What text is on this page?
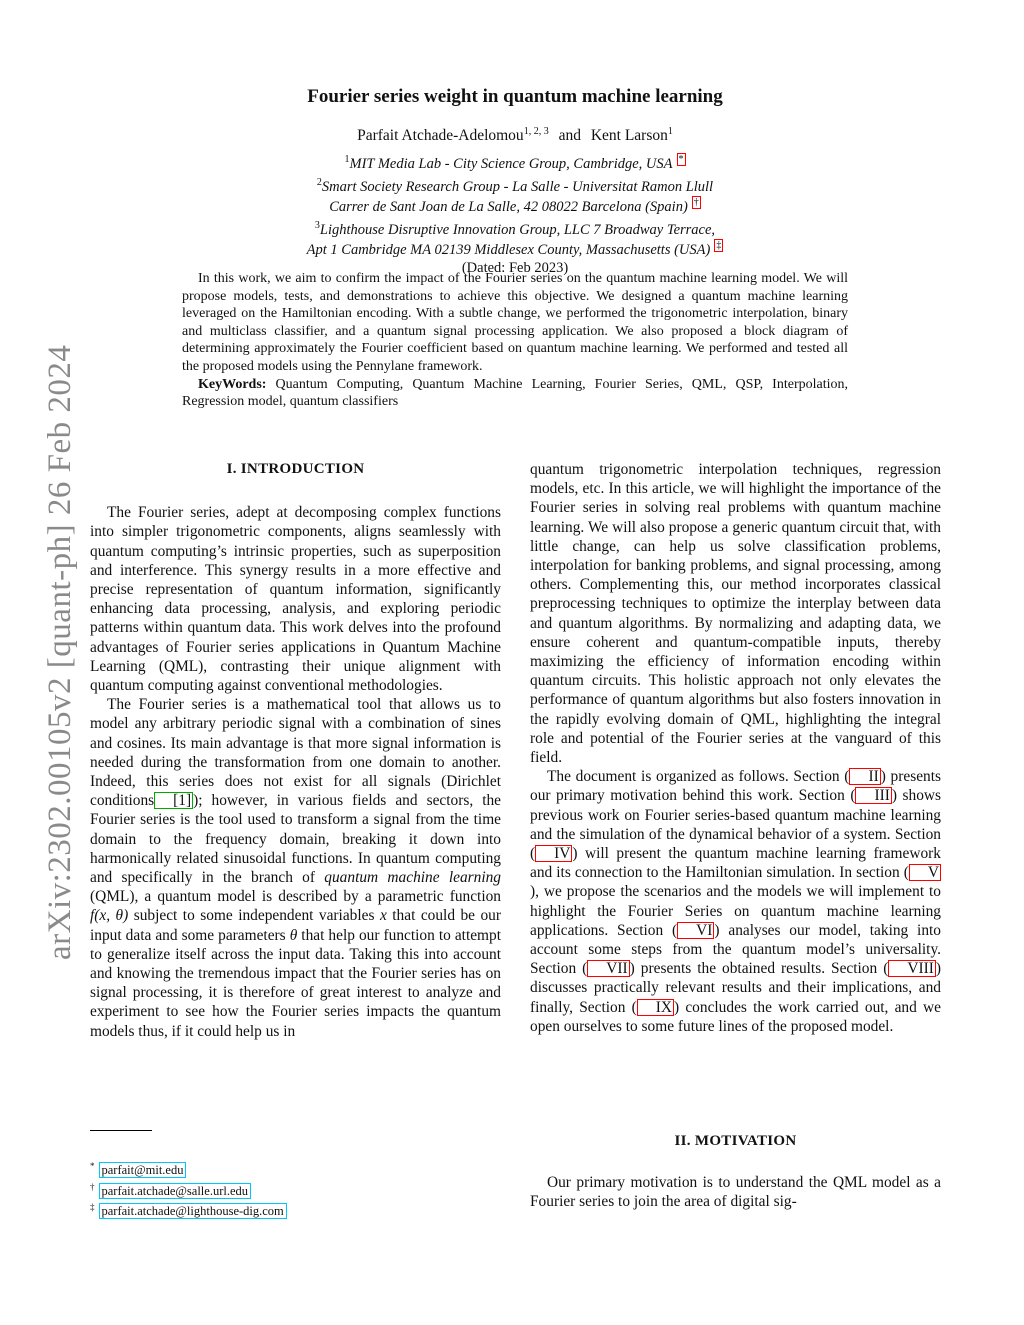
arXiv:2302.00105v2 [quant-ph] 26 Feb 2024
Fourier series weight in quantum machine learning
Parfait Atchade-Adelomou$^{1, 2, 3}$ and Kent Larson$^1$
$^1$MIT Media Lab - City Science Group, Cambridge, USA *
$^2$Smart Society Research Group - La Salle - Universitat Ramon Llull
Carrer de Sant Joan de La Salle, 42 08022 Barcelona (Spain) †
$^3$Lighthouse Disruptive Innovation Group, LLC 7 Broadway Terrace,
Apt 1 Cambridge MA 02139 Middlesex County, Massachusetts (USA) ‡
(Dated: Feb 2023)

In this work, we aim to confirm the impact of the Fourier series on the quantum machine learning model. We will propose models, tests, and demonstrations to achieve this objective. We designed a quantum machine learning leveraged on the Hamiltonian encoding. With a subtle change, we performed the trigonometric interpolation, binary and multiclass classifier, and a quantum signal processing application. We also proposed a block diagram of determining approximately the Fourier coefficient based on quantum machine learning. We performed and tested all the proposed models using the Pennylane framework.

KeyWords: Quantum Computing, Quantum Machine Learning, Fourier Series, QML, QSP, Interpolation, Regression model, quantum classifiers

I. INTRODUCTION

The Fourier series, adept at decomposing complex functions into simpler trigonometric components, aligns seamlessly with quantum computing’s intrinsic properties, such as superposition and interference. This synergy results in a more effective and precise representation of quantum information, significantly enhancing data processing, analysis, and exploring periodic patterns within quantum data. This work delves into the profound advantages of Fourier series applications in Quantum Machine Learning (QML), contrasting their unique alignment with quantum computing against conventional methodologies.

The Fourier series is a mathematical tool that allows us to model any arbitrary periodic signal with a combination of sines and cosines. Its main advantage is that more signal information is needed during the transformation from one domain to another. Indeed, this series does not exist for all signals (Dirichlet conditions [1] ); however, in various fields and sectors, the Fourier series is the tool used to transform a signal from the time domain to the frequency domain, breaking it down into harmonically related sinusoidal functions. In quantum computing and specifically in the branch of quantum machine learning (QML), a quantum model is described by a parametric function f(x, θ) subject to some independent variables x that could be our input data and some parameters θ that help our function to attempt to generalize itself across the input data. Taking this into account and knowing the tremendous impact that the Fourier series has on signal processing, it is therefore of great interest to analyze and experiment to see how the Fourier series impacts the quantum models thus, if it could help us in

quantum trigonometric interpolation techniques, regression models, etc. In this article, we will highlight the importance of the Fourier series in solving real problems with quantum machine learning. We will also propose a generic quantum circuit that, with little change, can help us solve classification problems, interpolation for banking problems, and signal processing, among others. Complementing this, our method incorporates classical preprocessing techniques to optimize the interplay between data and quantum algorithms. By normalizing and adapting data, we ensure coherent and quantum-compatible inputs, thereby maximizing the efficiency of information encoding within quantum circuits. This holistic approach not only elevates the performance of quantum algorithms but also fosters innovation in the rapidly evolving domain of QML, highlighting the integral role and potential of the Fourier series at the vanguard of this field.

The document is organized as follows. Section ( II ) presents our primary motivation behind this work. Section ( III ) shows previous work on Fourier series-based quantum machine learning and the simulation of the dynamical behavior of a system. Section ( IV ) will present the quantum machine learning framework and its connection to the Hamiltonian simulation. In section ( V), we propose the scenarios and the models we will implement to highlight the Fourier Series on quantum machine learning applications. Section ( VI ) analyses our model, taking into account some steps from the quantum model’s universality. Section ( VII ) presents the obtained results. Section ( VIII ) discusses practically relevant results and their implications, and finally, Section ( IX ) concludes the work carried out, and we open ourselves to some future lines of the proposed model.

II. MOTIVATION

Our primary motivation is to understand the QML model as a Fourier series to join the area of digital sig-

* parfait@mit.edu
† parfait.atchade@salle.url.edu
‡ parfait.atchade@lighthouse-dig.com
